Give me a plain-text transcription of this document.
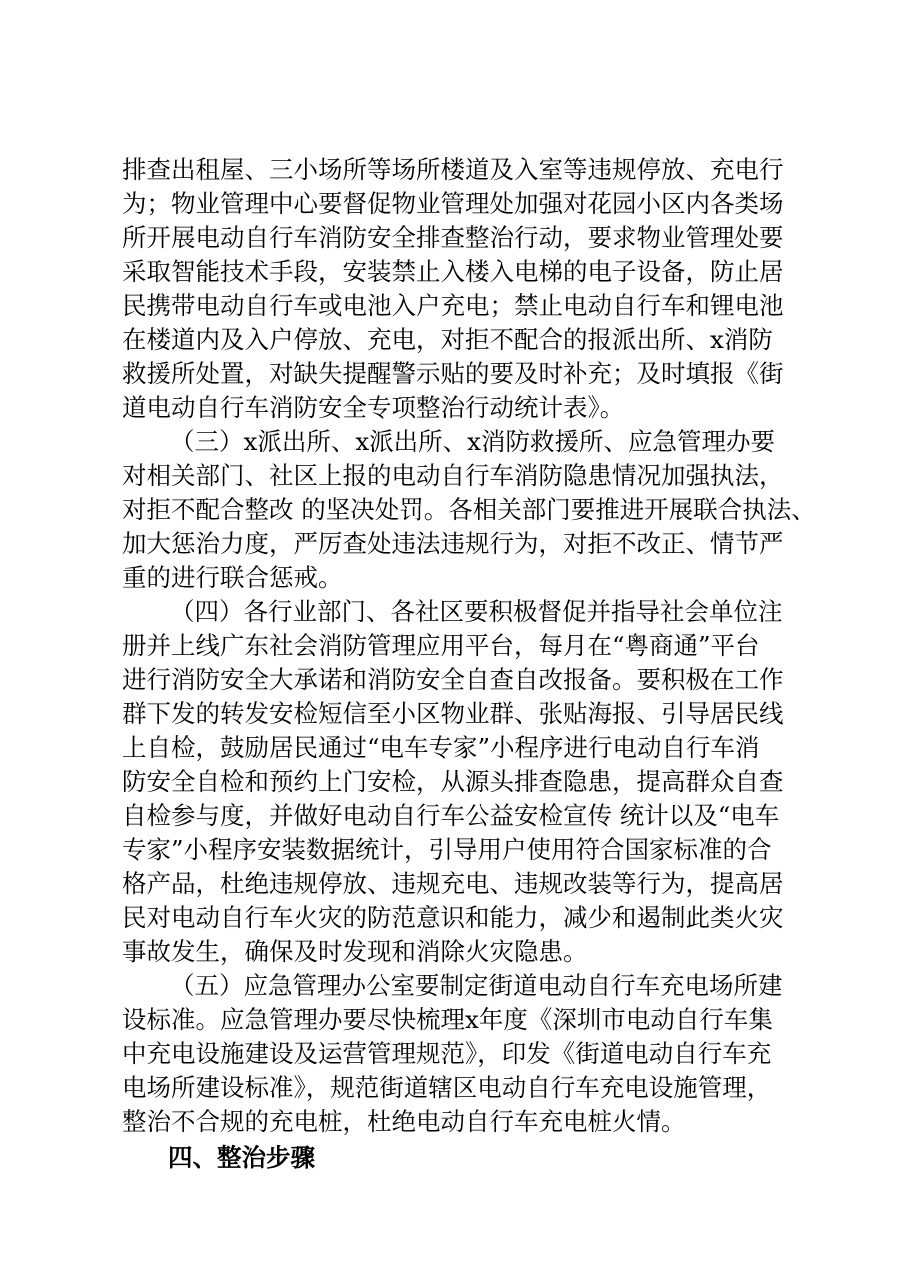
排查出租屋、三小场所等场所楼道及入室等违规停放、充电行
为；物业管理中心要督促物业管理处加强对花园小区内各类场
所开展电动自行车消防安全排查整治行动，要求物业管理处要
采取智能技术手段，安装禁止入楼入电梯的电子设备，防止居
民携带电动自行车或电池入户充电；禁止电动自行车和锂电池
在楼道内及入户停放、充电，对拒不配合的报派出所、x消防
救援所处置，对缺失提醒警示贴的要及时补充；及时填报《街
道电动自行车消防安全专项整治行动统计表》。
（三）x派出所、x派出所、x消防救援所、应急管理办要
对相关部门、社区上报的电动自行车消防隐患情况加强执法，
对拒不配合整改 的坚决处罚。各相关部门要推进开展联合执法、
加大惩治力度，严厉查处违法违规行为，对拒不改正、情节严
重的进行联合惩戒。
（四）各行业部门、各社区要积极督促并指导社会单位注
册并上线广东社会消防管理应用平台，每月在“粤商通”平台
进行消防安全大承诺和消防安全自查自改报备。要积极在工作
群下发的转发安检短信至小区物业群、张贴海报、引导居民线
上自检，鼓励居民通过“电车专家”小程序进行电动自行车消
防安全自检和预约上门安检，从源头排查隐患，提高群众自查
自检参与度，并做好电动自行车公益安检宣传 统计以及“电车
专家”小程序安装数据统计，引导用户使用符合国家标准的合
格产品，杜绝违规停放、违规充电、违规改装等行为，提高居
民对电动自行车火灾的防范意识和能力，减少和遏制此类火灾
事故发生，确保及时发现和消除火灾隐患。
（五）应急管理办公室要制定街道电动自行车充电场所建
设标准。应急管理办要尽快梳理x年度《深圳市电动自行车集
中充电设施建设及运营管理规范》，印发《街道电动自行车充
电场所建设标准》，规范街道辖区电动自行车充电设施管理，
整治不合规的充电桩，杜绝电动自行车充电桩火情。
四、整治步骤
